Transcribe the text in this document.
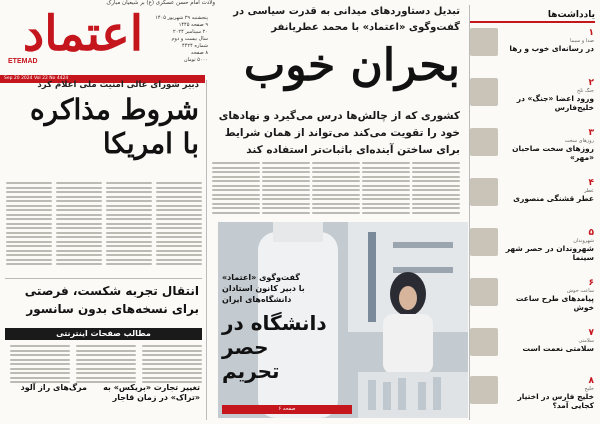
ولادت امام حسن عسکری (ع) بر شیعیان مبارک
اعتماد
ETEMAD
پنجشنبه ۲۹ شهریور ۱۴۰۵
۹ صفحه ۱۴۴۵
۲۰ سپتامبر ۲۰۲۴
سال بیست و دوم
شماره ۴۴۲۴
۸ صفحه
۵۰۰۰ تومان
Sep 20 2024 Vol 22 No 4424
دبیر شورای عالی امنیت ملی اعلام کرد
شروط مذاکره با امریکا
انتقال تجربه شکست، فرصتی برای نسخه‌های بدون سانسور
مطالب صفحات اینترنتی
مرگ‌های راز آلود	تغییر تجارت «بریکس» به «تراک» در زمان قاجار
تبدیل دستاوردهای میدانی به قدرت سیاسی در گفت‌وگوی «اعتماد» با محمد عطریانفر
بحران خوب
کشوری که از چالش‌ها درس می‌گیرد و نهادهای خود را تقویت می‌کند می‌تواند از همان شرایط برای ساختن آینده‌ای باثبات‌تر استفاده کند
گفت‌وگوی «اعتماد»
با دبیر کانون استادان
دانشگاه‌های ایران
دانشگاه در حصر تحریم
صفحه ۶
یادداشت‌ها
۱
صدا و سیما
در رسانه‌ای خوب و رها
۲
جنگ تلخ
ورود اعضا «جنگ» در خلیج‌فارس
۳
روزهای سخت
روزهای سخت صاحبان «مهر»
۴
عطر
عطر قشنگی منصوری
۵
شهروندان
شهروندان در حصر شهر سینما
۶
ساعت خوش
پیامدهای طرح ساعت خوش
۷
سلامتی
سلامتی نعمت است
۸
خلیج
خلیج فارس در اختیار کجایی آمد؟
